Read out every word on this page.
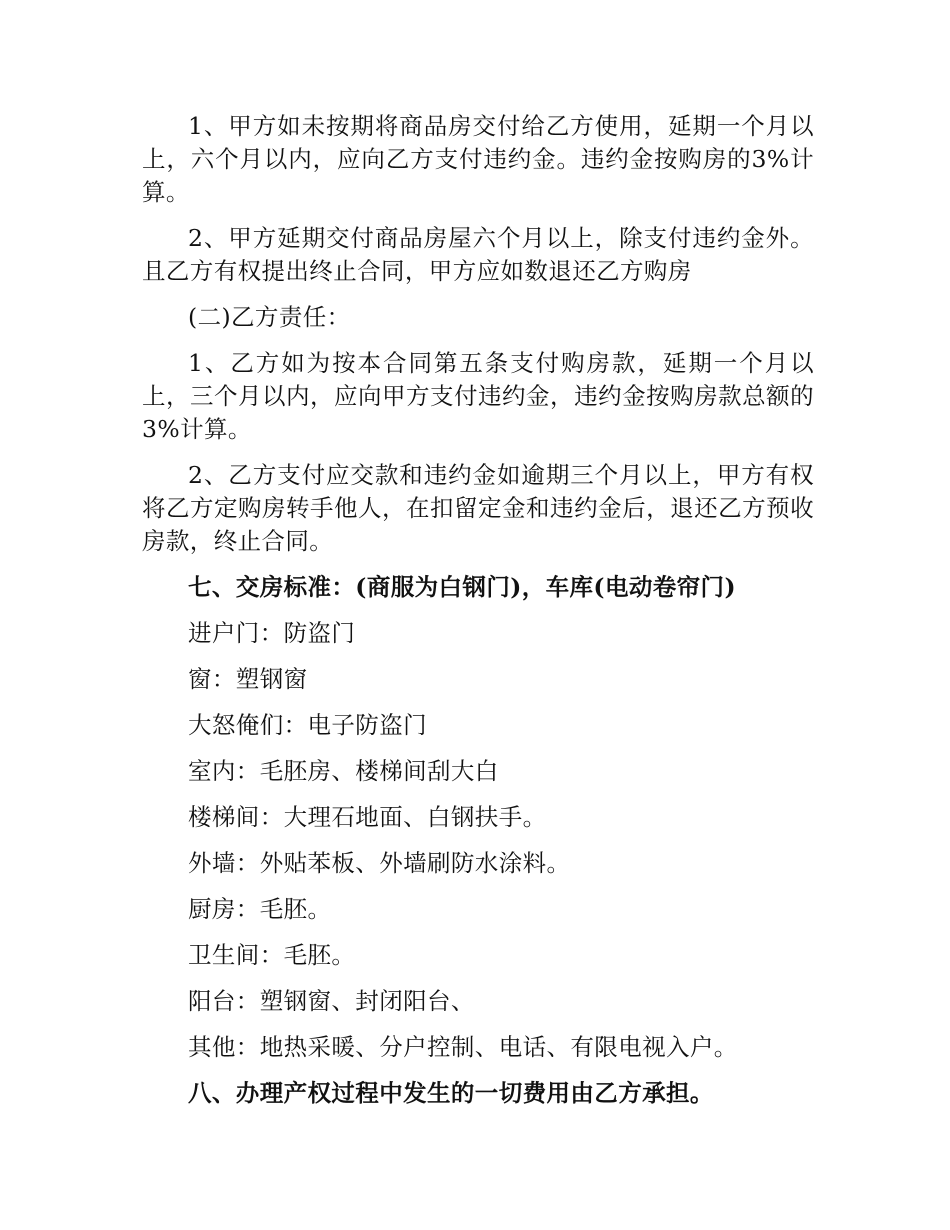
1、甲方如未按期将商品房交付给乙方使用，延期一个月以上，六个月以内，应向乙方支付违约金。违约金按购房的3%计算。

2、甲方延期交付商品房屋六个月以上，除支付违约金外。且乙方有权提出终止合同，甲方应如数退还乙方购房

(二)乙方责任：

1、乙方如为按本合同第五条支付购房款，延期一个月以上，三个月以内，应向甲方支付违约金，违约金按购房款总额的3%计算。

2、乙方支付应交款和违约金如逾期三个月以上，甲方有权将乙方定购房转手他人，在扣留定金和违约金后，退还乙方预收房款，终止合同。

七、交房标准：(商服为白钢门)，车库(电动卷帘门)

进户门：防盗门
窗：塑钢窗
大怒俺们：电子防盗门
室内：毛胚房、楼梯间刮大白
楼梯间：大理石地面、白钢扶手。
外墙：外贴苯板、外墙刷防水涂料。
厨房：毛胚。
卫生间：毛胚。
阳台：塑钢窗、封闭阳台、
其他：地热采暖、分户控制、电话、有限电视入户。

八、办理产权过程中发生的一切费用由乙方承担。
